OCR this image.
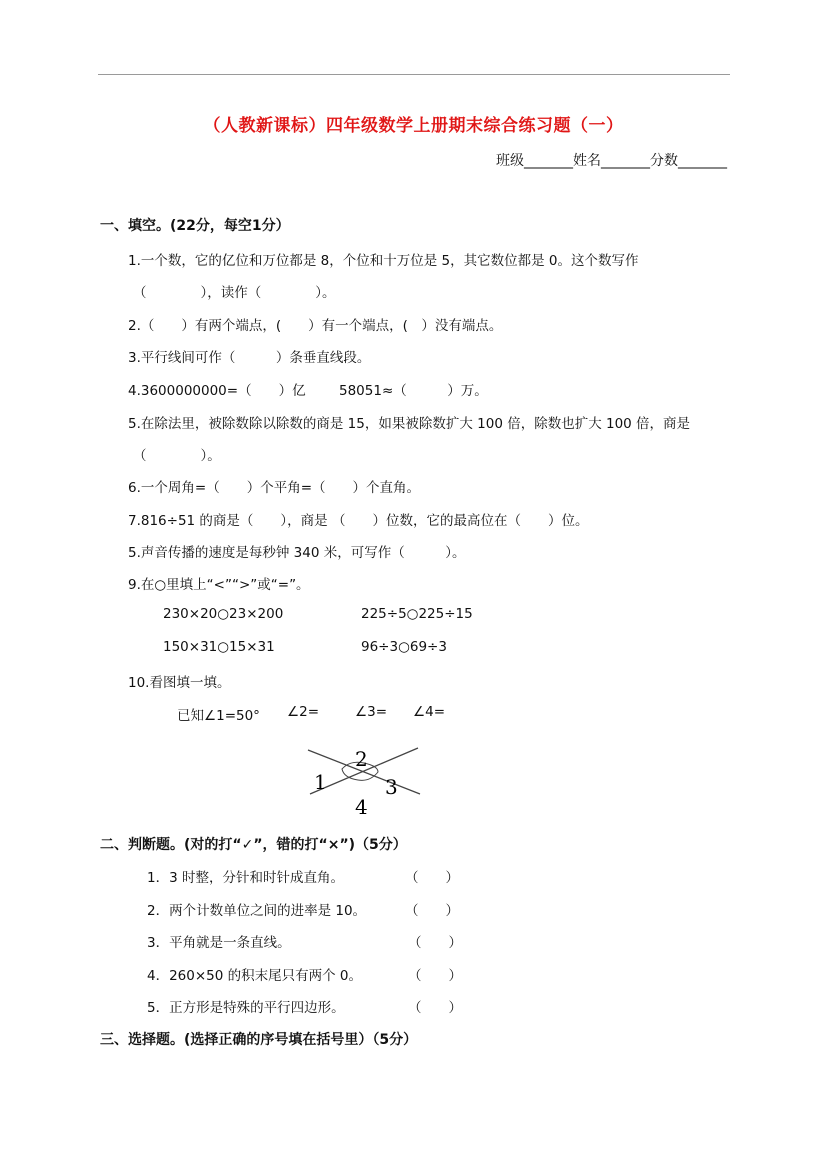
（人教新课标）四年级数学上册期末综合练习题（一）
班级_______姓名_______分数_______
一、填空。(22分，每空1分）
1.一个数，它的亿位和万位都是 8，个位和十万位是 5，其它数位都是 0。这个数写作
（　　　　），读作（　　　　）。
2.（　　）有两个端点，(　　）有一个端点，(　）没有端点。
3.平行线间可作（　　　）条垂直线段。
4.3600000000=（　　）亿 58051≈（　　　）万。
5.在除法里，被除数除以除数的商是 15，如果被除数扩大 100 倍，除数也扩大 100 倍，商是
（　　　　）。
6.一个周角=（　　）个平角=（　　）个直角。
7.816÷51 的商是（　　），商是 （　　）位数，它的最高位在（　　）位。
5.声音传播的速度是每秒钟 340 米，可写作（　　　）。
9.在○里填上“<”“>”或“=”。
230×20○23×200	225÷5○225÷15
150×31○15×31	96÷3○69÷3
10.看图填一填。
已知∠1=50° ∠2=	∠3= ∠4=
1
2
3
4
二、判断题。(对的打“✓”，错的打“×”)（5分）
1．3 时整，分针和时针成直角。	（　　）
2．两个计数单位之间的进率是 10。	（　　）
3．平角就是一条直线。	（　　）
4．260×50 的积末尾只有两个 0。	（　　）
5．正方形是特殊的平行四边形。	（　　）
三、选择题。(选择正确的序号填在括号里）（5分）
